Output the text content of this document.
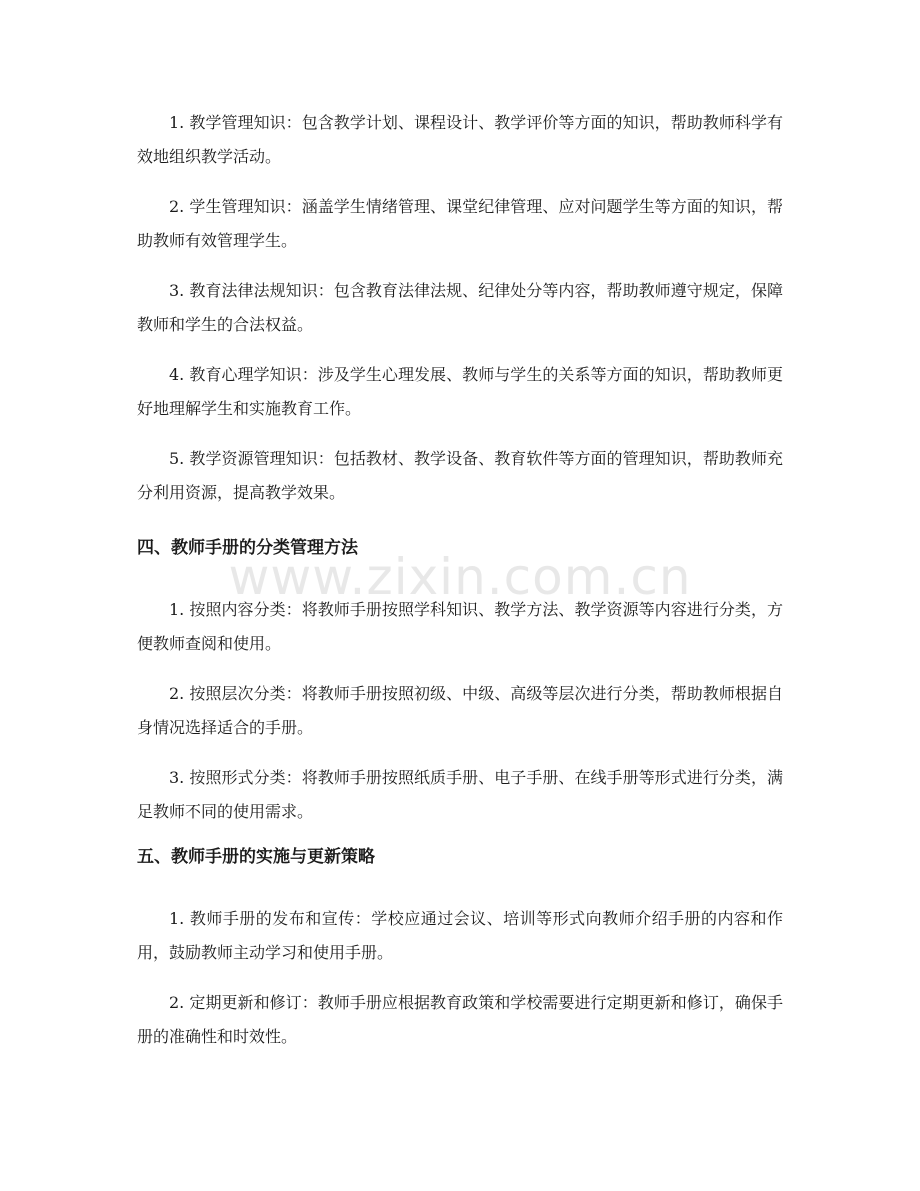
www.zixin.com.cn

1. 教学管理知识：包含教学计划、课程设计、教学评价等方面的知识，帮助教师科学有效地组织教学活动。

2. 学生管理知识：涵盖学生情绪管理、课堂纪律管理、应对问题学生等方面的知识，帮助教师有效管理学生。

3. 教育法律法规知识：包含教育法律法规、纪律处分等内容，帮助教师遵守规定，保障教师和学生的合法权益。

4. 教育心理学知识：涉及学生心理发展、教师与学生的关系等方面的知识，帮助教师更好地理解学生和实施教育工作。

5. 教学资源管理知识：包括教材、教学设备、教育软件等方面的管理知识，帮助教师充分利用资源，提高教学效果。

四、教师手册的分类管理方法

1. 按照内容分类：将教师手册按照学科知识、教学方法、教学资源等内容进行分类，方便教师查阅和使用。

2. 按照层次分类：将教师手册按照初级、中级、高级等层次进行分类，帮助教师根据自身情况选择适合的手册。

3. 按照形式分类：将教师手册按照纸质手册、电子手册、在线手册等形式进行分类，满足教师不同的使用需求。

五、教师手册的实施与更新策略

1. 教师手册的发布和宣传：学校应通过会议、培训等形式向教师介绍手册的内容和作用，鼓励教师主动学习和使用手册。

2. 定期更新和修订：教师手册应根据教育政策和学校需要进行定期更新和修订，确保手册的准确性和时效性。
